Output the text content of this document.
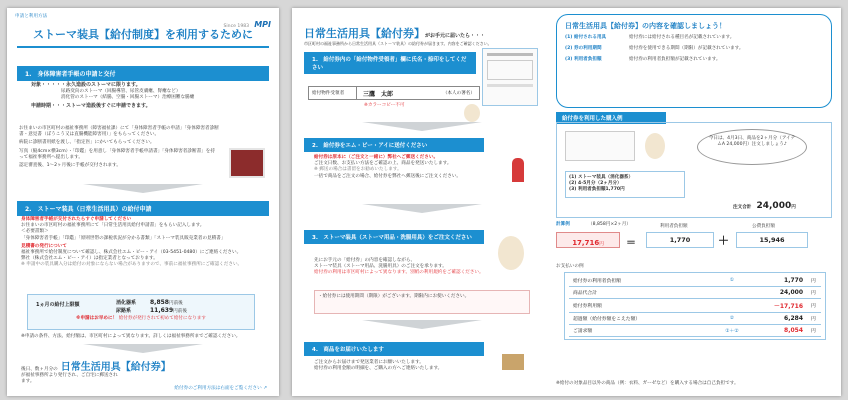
申請と利用方法
Since 1983 MPI
ストーマ装具【給付制度】を利用するために
1.　身体障害者手帳の申請と交付
対象・・・・・永久造設のストーマに限ります。
尿路変向のストーマ（回腸導管、尿管皮膚瘻、腎瘻など）
消化管のストーマ（結腸、空腸・回腸ストーマ）治療困難な腸瘻
申請時期・・・ストーマ造設後すぐに申請できます。
お住まいの市区町村の福祉事務所（障害福祉課）にて「身体障害者手帳の申請」「身体障害者診断書・意見書（ぼうこう又は直腸機能障害用）」をもらってください。
病院に診断書用紙を渡し、「指定医」にかいてもらってください。
写真（縦4cm×横3cm）・「印鑑」を用意し「身体障害者手帳申請書」「身体障害者診断書」を持って福祉事務所へ提出します。
認定審査後、1〜2ヶ月後に手帳が交付されます。
2.　ストーマ装具（日常生活用具）の給付申請
身体障害者手帳が交付されたらすぐ申請してください
お住まいの市区町村の福祉事務所にて「日常生活用具給付申請書」をもらい記入します。
＜必要書類＞
「身体障害者手帳」「印鑑」「原則世帯の課税状況が分かる書類」「ストーマ装具販売業者の見積書」
見積書の発行について
福祉事務所で給付制度について確認し、株式会社エム・ピー・アイ（03-5451-0480）にご連絡ください。
弊社（株式会社エム・ピー・アイ）は指定業者となっております。
※ 申請中の装具購入分は給付の対象にならない場合がありますので、事前に福祉事務所にご確認ください。
1ヵ月の給付上限額	消化器系 8,858円前後
尿路系	11,639円前後
※申請はお早めに！ 給付券が発行されて初めて給付になります
※申請の条件、方法、給付額は、市区町村によって異なります。詳しくは福祉事務所までご確認ください。
後日、数ヶ月分の 日常生活用具【給付券】
が福祉事務所より発行され、ご自宅に郵送されます。
給付券のご利用方法は右面をご覧ください ↗
日常生活用具【給付券】がお手元に届いたら・・・
市区町村の福祉事務所から日常生活用具（ストーマ装具）の給付券が届きます。内容をご確認ください。
1.　給付券内の「給付物件受領者」欄に氏名・捺印をしてください
給付物件受領者	三鷹　太郎	（本人の署名）
※カラーコピー不可
2.　給付券をエム・ピー・アイに送付ください
給付券は原本に（ご注文と一緒に）弊社へご郵送ください。
ご注文日数、お支払い方法をご確認の上、商品を発送いたします。
※ 郵送の場合は書留をお勧めいたします。
一括で商品をご注文の場合、給付券を弊社へ郵送後にご注文ください。
3.　ストーマ装具（ストーマ用品・洗腸用具）をご注文ください
先にお手元の「給付券」の内容を確認しながら、
ストーマ装具（ストーマ用品、洗腸用具）のご注文を承ります。
給付券の利用は市区町村によって異なります。別紙の利用規約をご確認ください。
・給付券には使用期間（期限）がございます。期限内にお使いください。
4.　商品をお届けいたします
ご注文からお届けまで発送業者にお願いいたします。
給付券の利用金額の明細を、ご購入の方へご連絡いたします。
日常生活用具【給付券】の内容を確認しましょう！
(1) 給付される用具	給付券には給付される種目名が記載されています。
(2) 券の利用期間	給付券を使用できる期間（期限）が記載されています。
(3) 利用者負担額	給付券の利用者負担額が記載されています。
給付券を利用した購入例
今日は、4月3日、商品を2ヶ月分（アイテムA 24,000円）注文しましょう♪
(1) ストーマ装具（消化器系）
(2) 4-5月分（2ヶ月分）
(3) 利用者負担額1,770円
注文合計 24,000円
計算例	（8,858円×2ヶ月）
17,716円	＝
利用者負担額
1,770	＋
公費負担額
15,946
お支払いの例
給付券の利用者負担額	①	1,770	円
商品代合計		24,000	円
給付券利用額		－17,716	円
超過額（給付券額をこえた額）	②	6,284	円
ご請求額	①＋②	8,054	円
※給付の対象品目以外の商品（例：衣料、ガーゼなど）を購入する場合は自己負担です。
